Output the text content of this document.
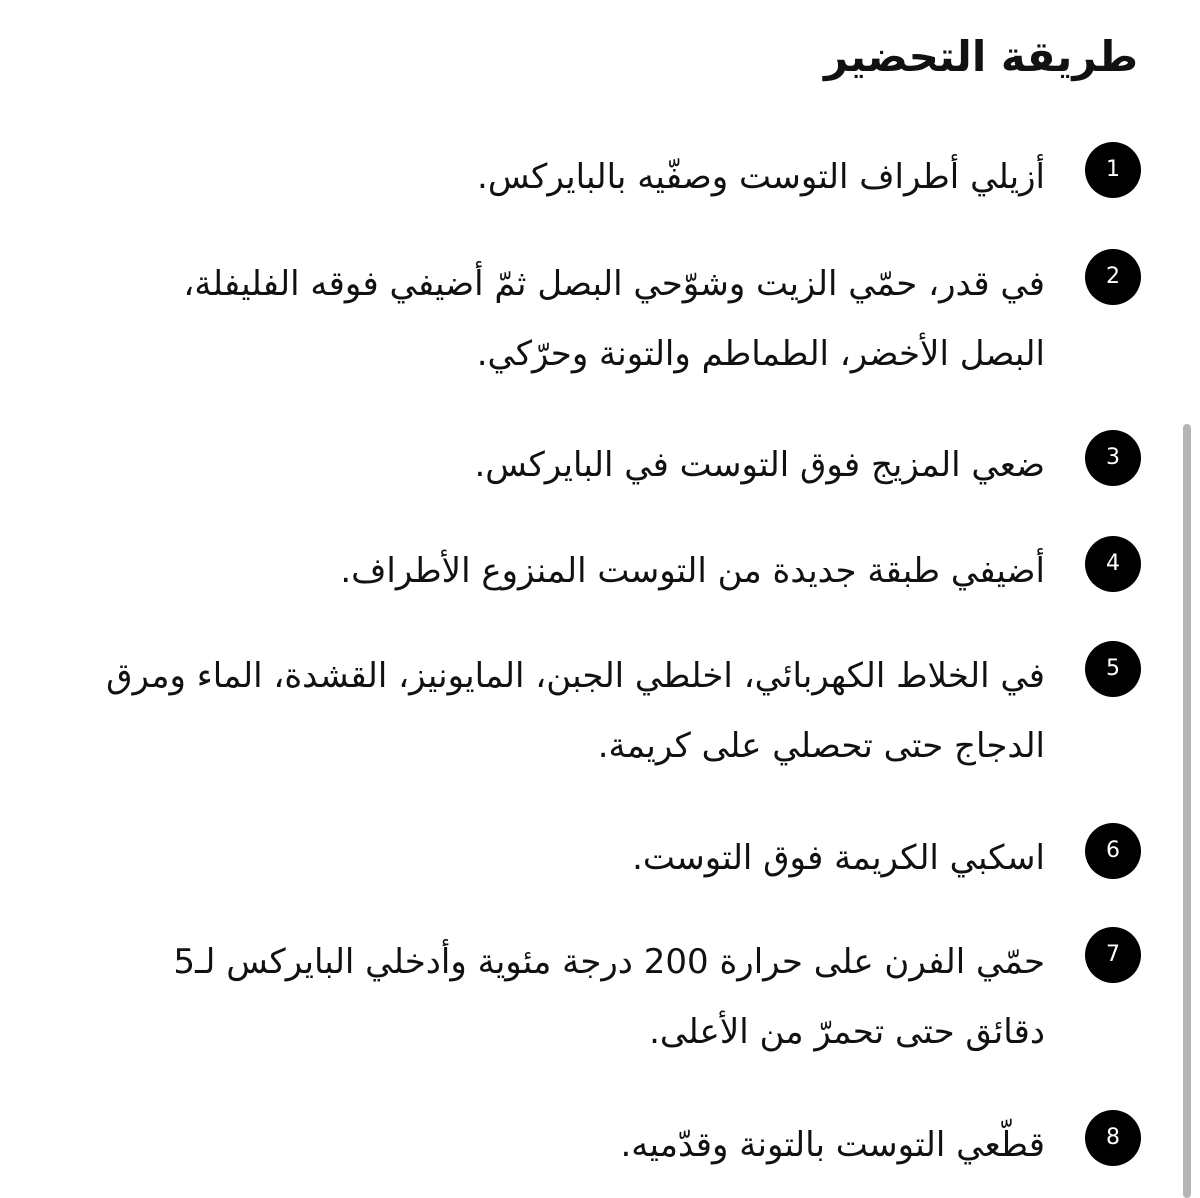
طريقة التحضير
1

أزيلي أطراف التوست وصفّيه بالبايركس.

2

في قدر، حمّي الزيت وشوّحي البصل ثمّ أضيفي فوقه الفليفلة، البصل الأخضر، الطماطم والتونة وحرّكي.

3

ضعي المزيج فوق التوست في البايركس.

4

أضيفي طبقة جديدة من التوست المنزوع الأطراف.

5

في الخلاط الكهربائي، اخلطي الجبن، المايونيز، القشدة، الماء ومرق الدجاج حتى تحصلي على كريمة.

6

اسكبي الكريمة فوق التوست.

7

حمّي الفرن على حرارة 200 درجة مئوية وأدخلي البايركس لـ5 دقائق حتى تحمرّ من الأعلى.

8

قطّعي التوست بالتونة وقدّميه.
